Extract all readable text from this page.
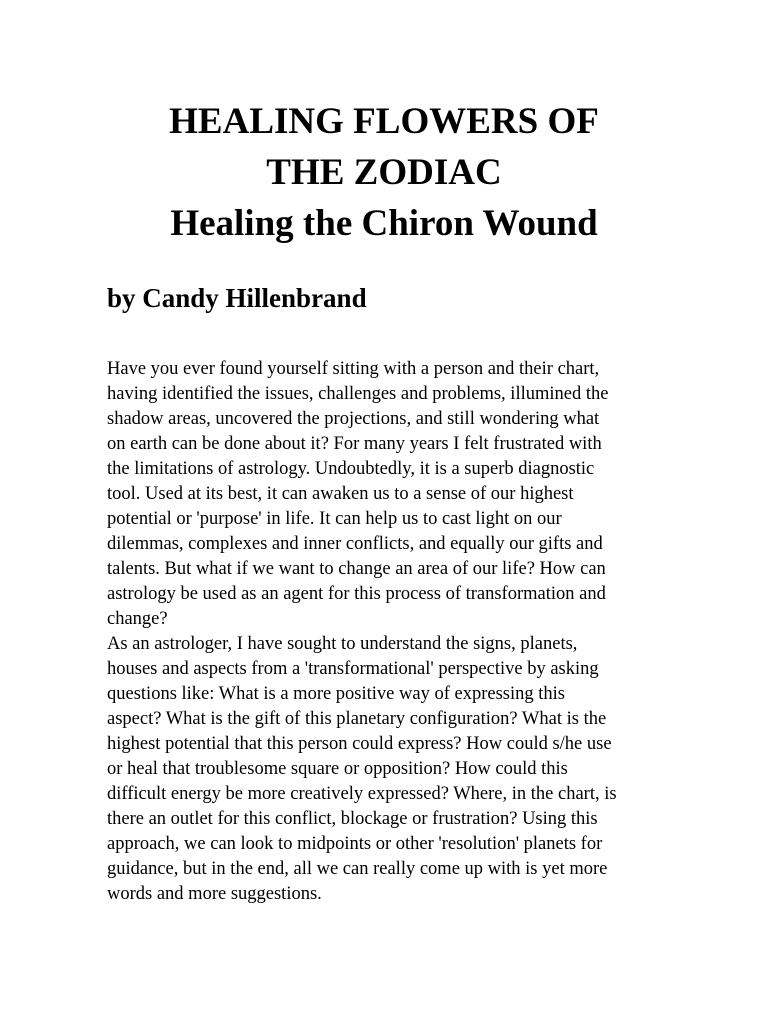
HEALING FLOWERS OF
THE ZODIAC
Healing the Chiron Wound
by Candy Hillenbrand
Have you ever found yourself sitting with a person and their chart,
having identified the issues, challenges and problems, illumined the
shadow areas, uncovered the projections, and still wondering what
on earth can be done about it? For many years I felt frustrated with
the limitations of astrology. Undoubtedly, it is a superb diagnostic
tool. Used at its best, it can awaken us to a sense of our highest
potential or 'purpose' in life. It can help us to cast light on our
dilemmas, complexes and inner conflicts, and equally our gifts and
talents. But what if we want to change an area of our life? How can
astrology be used as an agent for this process of transformation and
change?
As an astrologer, I have sought to understand the signs, planets,
houses and aspects from a 'transformational' perspective by asking
questions like: What is a more positive way of expressing this
aspect? What is the gift of this planetary configuration? What is the
highest potential that this person could express? How could s/he use
or heal that troublesome square or opposition? How could this
difficult energy be more creatively expressed? Where, in the chart, is
there an outlet for this conflict, blockage or frustration? Using this
approach, we can look to midpoints or other 'resolution' planets for
guidance, but in the end, all we can really come up with is yet more
words and more suggestions.
